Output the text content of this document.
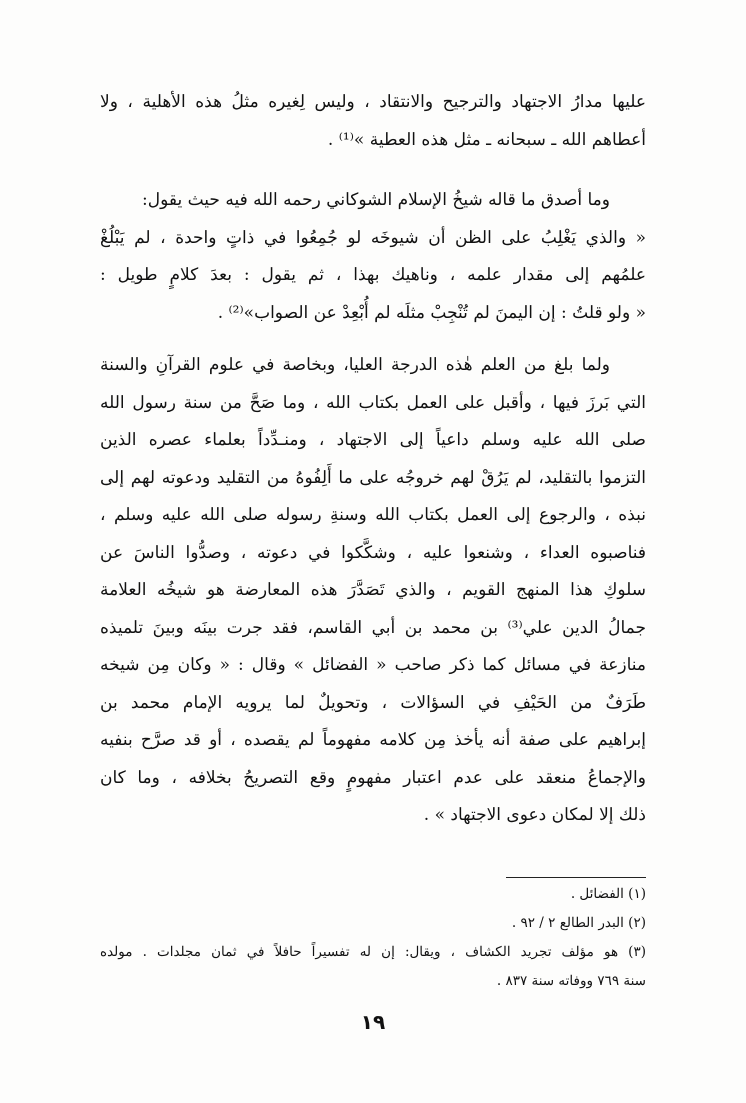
عليها مدارُ الاجتهاد والترجيح والانتقاد ، وليس لِغيره مثلُ هذه الأهلية ، ولا
أعطاهم الله ـ سبحانه ـ مثل هذه العطية »⁽¹⁾ .
وما أصدق ما قاله شيخُ الإسلام الشوكاني رحمه الله فيه حيث يقول:
« والذي يَغْلِبُ على الظن أن شيوخَه لو جُمِعُوا في ذاتٍ واحدة ، لم يَبْلُغْ
علمُهم إلى مقدار علمه ، وناهيك بهذا ، ثم يقول : بعدَ كلامٍ طويل :
« ولو قلتُ : إن اليمنَ لم تُنْجِبْ مثلَه لم أُبْعِدْ عن الصواب»⁽²⁾ .
ولما بلغ من العلم هٰذه الدرجة العليا، وبخاصة في علوم القرآنِ والسنة
التي بَرزَ فيها ، وأقبل على العمل بكتاب الله ، وما صَحَّ من سنة رسول الله
صلى الله عليه وسلم داعياً إلى الاجتهاد ، ومنـدِّداً بعلماء عصره الذين
التزموا بالتقليد، لم يَرُقْ لهم خروجُه على ما أَلِفُوهُ من التقليد ودعوته لهم إلى
نبذه ، والرجوع إلى العمل بكتاب الله وسنةِ رسوله صلى الله عليه وسلم ،
فناصبوه العداء ، وشنعوا عليه ، وشكَّكوا في دعوته ، وصدُّوا الناسَ عن
سلوكِ هذا المنهج القويم ، والذي تَصَدَّرَ هذه المعارضة هو شيخُه العلامة
جمالُ الدين علي⁽³⁾ بن محمد بن أبي القاسم، فقد جرت بينَه وبينَ تلميذه
منازعة في مسائل كما ذكر صاحب « الفضائل » وقال : « وكان مِن شيخه
طَرَفٌ من الحَيْفِ في السؤالات ، وتحويلٌ لما يرويه الإمام محمد بن
إبراهيم على صفة أنه يأخذ مِن كلامه مفهوماً لم يقصده ، أو قد صرَّح بنفيه
والإجماعُ منعقد على عدم اعتبار مفهومٍ وقع التصريحُ بخلافه ، وما كان
ذلك إلا لمكان دعوى الاجتهاد » .
(١) الفضائل .
(٢) البدر الطالع ٢ / ٩٢ .
(٣) هو مؤلف تجريد الكشاف ، ويقال: إن له تفسيراً حافلاً في ثمان مجلدات . مولده
سنة ٧٦٩ ووفاته سنة ٨٣٧ .
١٩
